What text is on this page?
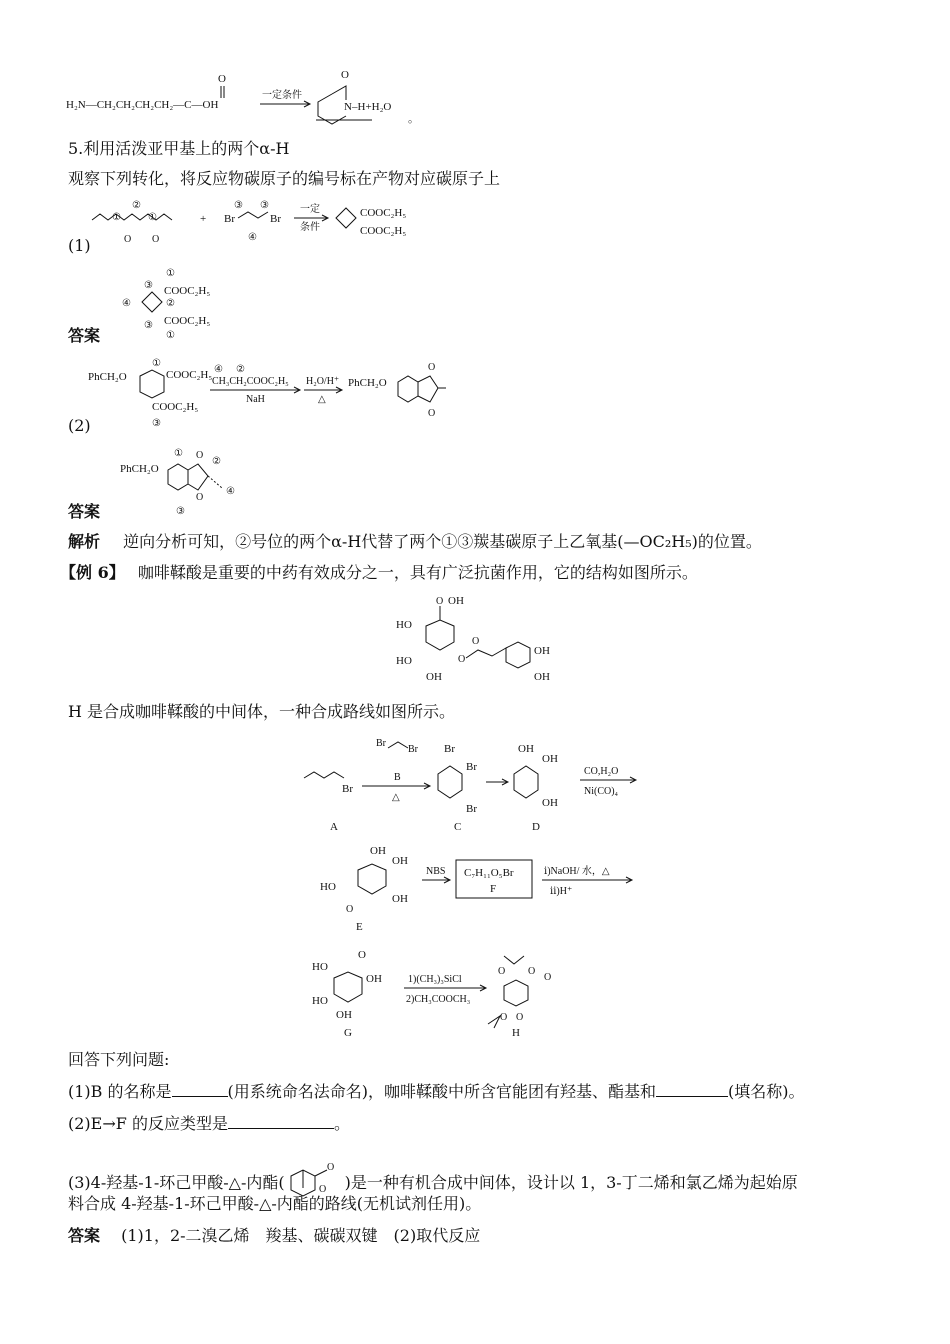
H₂N—CH₂CH₂CH₂CH₂—C—OH
O
一定条件
O
N –H+H₂O
。
5.利用活泼亚甲基上的两个α-H
观察下列转化，将反应物碳原子的编号标在产物对应碳原子上
①
②
①
O O
+ Br	Br
③ ③
④
一定
条件
COOC₂H₅
COOC₂H₅
(1)
③
①
④	②
③
①
COOC₂H₅
COOC₂H₅
答案
PhCH₂O
①
COOC₂H₅
COOC₂H₅
③
④ ②
CH₃CH₂COOC₂H₅
NaH
H₂O/H⁺
△
PhCH₂O
O
O
(2)
PhCH₂O
①
②
④
③
O
O
答案
解析 逆向分析可知，②号位的两个α-H代替了两个①③羰基碳原子上乙氧基(—OC₂H₅)的位置。
【例 6】 咖啡鞣酸是重要的中药有效成分之一，具有广泛抗菌作用，它的结构如图所示。
O OH
HO
HO
OH
O
O
OH
OH
H 是合成咖啡鞣酸的中间体，一种合成路线如图所示。
Br
Br
Br
B
△
Br
Br
Br
OH
OH
OH
CO,H₂O
Ni(CO)₄
A	C	D
OH
OH
HO
O
OH
E
NBS C₇H₁₁O₅Br
F
ⅰ)NaOH/ 水，△
ⅱ)H⁺
HO
O
OH
HO
OH
G
1)(CH₃)₃SiCl
2)CH₃COOCH₃
O O
O
O O
H
回答下列问题:
(1)B 的名称是	(用系统命名法命名)，咖啡鞣酸中所含官能团有羟基、酯基和	(填名称)。
(2)E→F 的反应类型是	。
(3)4-羟基-1-环己甲酸-△-内酯(
O
O )是一种有机合成中间体，设计以 1，3-丁二烯和氯乙烯为起始原
料合成 4-羟基-1-环己甲酸-△-内酯的路线(无机试剂任用)。
答案 (1)1，2-二溴乙烯　羧基、碳碳双键　(2)取代反应
